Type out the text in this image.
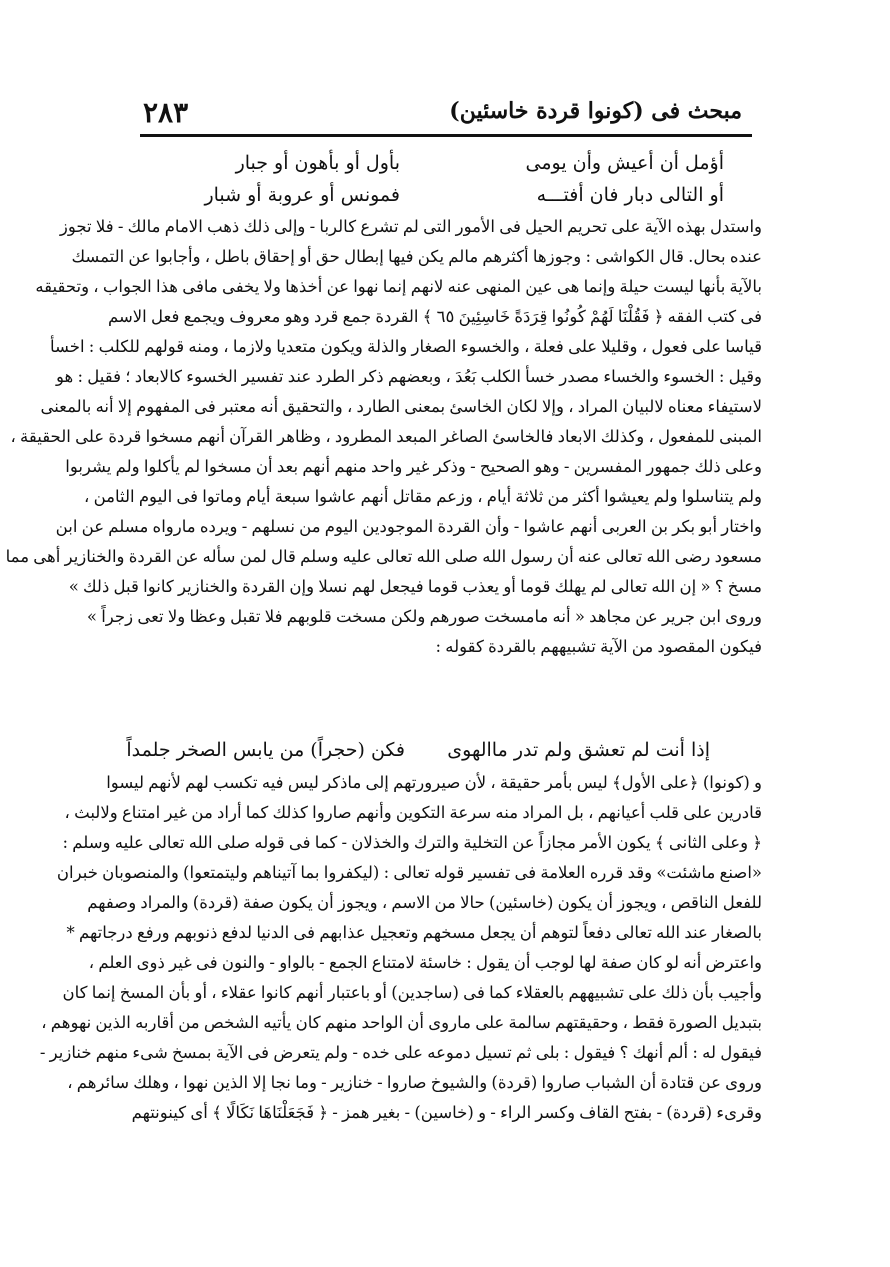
٢٨٣	مبحث فى (كونوا قردة خاسئين)
أؤمل أن أعيش وأن يومى
بأول أو بأهون أو جبار
أو التالى دبار فان أفتـــه
فمونس أو عروبة أو شبار
واستدل بهذه الآية على تحريم الحيل فى الأمور التى لم تشرع كالربا - وإلى ذلك ذهب الامام مالك - فلا تجوز
عنده بحال. قال الكواشى : وجوزها أكثرهم مالم يكن فيها إبطال حق أو إحقاق باطل ، وأجابوا عن التمسك
بالآية بأنها ليست حيلة وإنما هى عين المنهى عنه لانهم إنما نهوا عن أخذها ولا يخفى مافى هذا الجواب ، وتحقيقه
فى كتب الفقه ﴿ فَقُلْنَا لَهُمْ كُونُوا قِرَدَةً خَاسِئِينَ ٦٥ ﴾ القردة جمع قرد وهو معروف ويجمع فعل الاسم
قياسا على فعول ، وقليلا على فعلة ، والخسوء الصغار والذلة ويكون متعديا ولازما ، ومنه قولهم للكلب : اخسأ
وقيل : الخسوء والخساء مصدر خسأ الكلب بَعُدَ ، وبعضهم ذكر الطرد عند تفسير الخسوء كالابعاد ؛ فقيل : هو
لاستيفاء معناه لالبيان المراد ، وإلا لكان الخاسئ بمعنى الطارد ، والتحقيق أنه معتبر فى المفهوم إلا أنه بالمعنى
المبنى للمفعول ، وكذلك الابعاد فالخاسئ الصاغر المبعد المطرود ، وظاهر القرآن أنهم مسخوا قردة على الحقيقة ،
وعلى ذلك جمهور المفسرين - وهو الصحيح - وذكر غير واحد منهم أنهم بعد أن مسخوا لم يأكلوا ولم يشربوا
ولم يتناسلوا ولم يعيشوا أكثر من ثلاثة أيام ، وزعم مقاتل أنهم عاشوا سبعة أيام وماتوا فى اليوم الثامن ،
واختار أبو بكر بن العربى أنهم عاشوا - وأن القردة الموجودين اليوم من نسلهم - ويرده مارواه مسلم عن ابن
مسعود رضى الله تعالى عنه أن رسول الله صلى الله تعالى عليه وسلم قال لمن سأله عن القردة والخنازير أهى مما
مسخ ؟ « إن الله تعالى لم يهلك قوما أو يعذب قوما فيجعل لهم نسلا وإن القردة والخنازير كانوا قبل ذلك »
وروى ابن جرير عن مجاهد « أنه مامسخت صورهم ولكن مسخت قلوبهم فلا تقبل وعظا ولا تعى زجراً »
فيكون المقصود من الآية تشبيههم بالقردة كقوله :
إذا أنت لم تعشق ولم تدر ماالهوى
فكن (حجراً) من يابس الصخر جلمداً
و (كونوا) ﴿على الأول﴾ ليس بأمر حقيقة ، لأن صيرورتهم إلى ماذكر ليس فيه تكسب لهم لأنهم ليسوا
قادرين على قلب أعيانهم ، بل المراد منه سرعة التكوين وأنهم صاروا كذلك كما أراد من غير امتناع ولالبث ،
﴿ وعلى الثانى ﴾ يكون الأمر مجازاً عن التخلية والترك والخذلان - كما فى قوله صلى الله تعالى عليه وسلم :
«اصنع ماشئت» وقد قرره العلامة فى تفسير قوله تعالى : (ليكفروا بما آتيناهم وليتمتعوا) والمنصوبان خبران
للفعل الناقص ، ويجوز أن يكون (خاسئين) حالا من الاسم ، ويجوز أن يكون صفة (قردة) والمراد وصفهم
بالصغار عند الله تعالى دفعاً لتوهم أن يجعل مسخهم وتعجيل عذابهم فى الدنيا لدفع ذنوبهم ورفع درجاتهم *
واعترض أنه لو كان صفة لها لوجب أن يقول : خاسئة لامتناع الجمع - بالواو - والنون فى غير ذوى العلم ،
وأجيب بأن ذلك على تشبيههم بالعقلاء كما فى (ساجدين) أو باعتبار أنهم كانوا عقلاء ، أو بأن المسخ إنما كان
بتبديل الصورة فقط ، وحقيقتهم سالمة على ماروى أن الواحد منهم كان يأتيه الشخص من أقاربه الذين نهوهم ،
فيقول له : ألم أنهك ؟ فيقول : بلى ثم تسيل دموعه على خده - ولم يتعرض فى الآية بمسخ شىء منهم خنازير -
وروى عن قتادة أن الشباب صاروا (قردة) والشيوخ صاروا - خنازير - وما نجا إلا الذين نهوا ، وهلك سائرهم ،
وقرىء (قردة) - بفتح القاف وكسر الراء - و (خاسين) - بغير همز - ﴿ فَجَعَلْنَاهَا نَكَالًا ﴾ أى كينونتهم
